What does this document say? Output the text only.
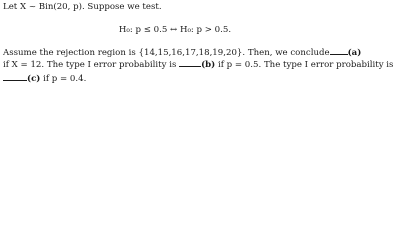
Let X ~ Bin(20, p). Suppose we test.
H₀: p ≤ 0.5 ↔ H₀: p > 0.5.
Assume the rejection region is {14,15,16,17,18,19,20}. Then, we conclude (a)
if X = 12. The type I error probability is	(b) if p = 0.5. The type I error probability is
(c) if p = 0.4.
